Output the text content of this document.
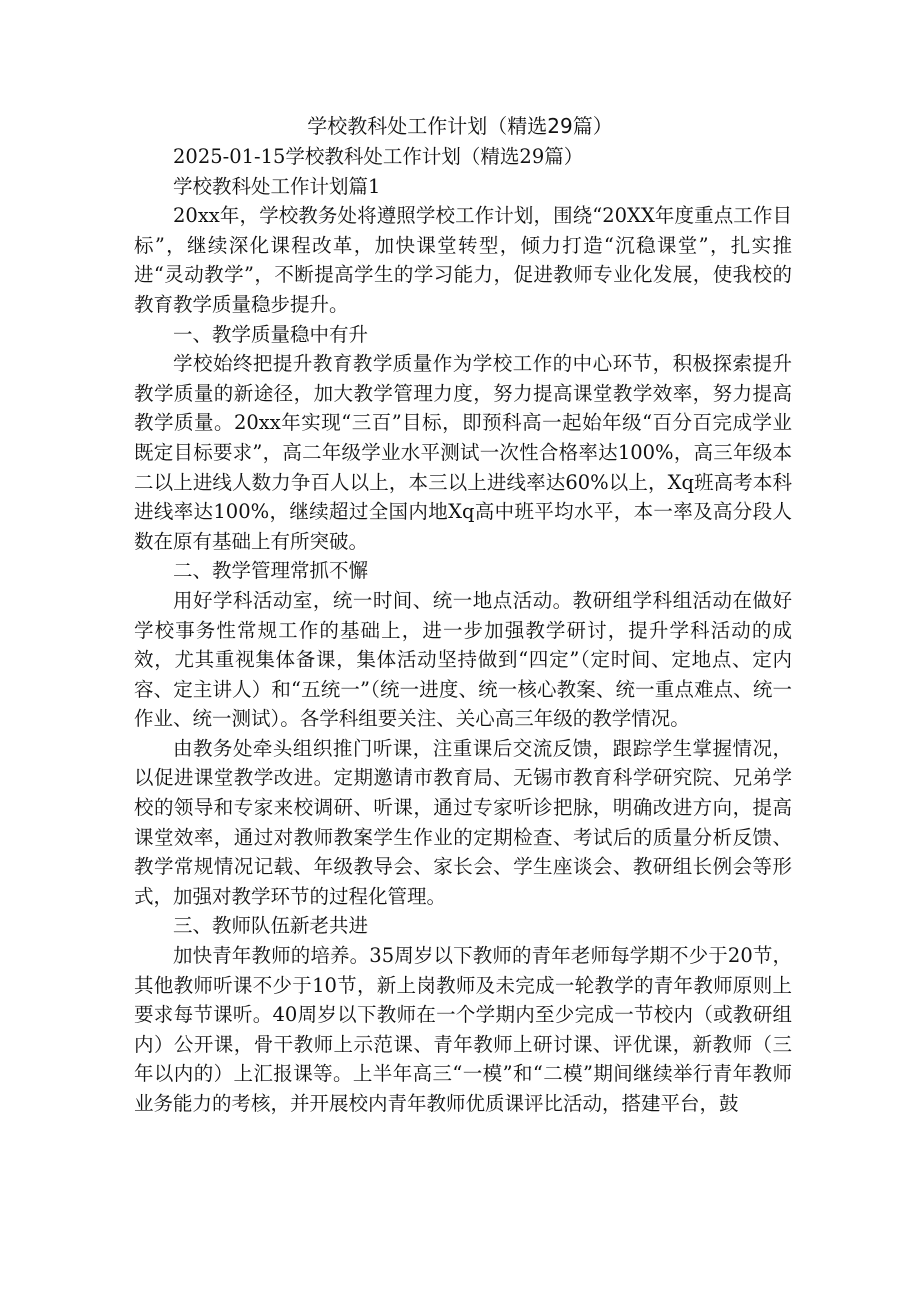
学校教科处工作计划（精选29篇）

2025-01-15学校教科处工作计划（精选29篇）

学校教科处工作计划篇1

20xx年，学校教务处将遵照学校工作计划，围绕“20XX年度重点工作目标”，继续深化课程改革，加快课堂转型，倾力打造“沉稳课堂”，扎实推进“灵动教学”，不断提高学生的学习能力，促进教师专业化发展，使我校的教育教学质量稳步提升。

一、教学质量稳中有升

学校始终把提升教育教学质量作为学校工作的中心环节，积极探索提升教学质量的新途径，加大教学管理力度，努力提高课堂教学效率，努力提高教学质量。20xx年实现“三百”目标，即预科高一起始年级“百分百完成学业既定目标要求”，高二年级学业水平测试一次性合格率达100%，高三年级本二以上进线人数力争百人以上，本三以上进线率达60%以上，Xq班高考本科进线率达100%，继续超过全国内地Xq高中班平均水平，本一率及高分段人数在原有基础上有所突破。

二、教学管理常抓不懈

用好学科活动室，统一时间、统一地点活动。教研组学科组活动在做好学校事务性常规工作的基础上，进一步加强教学研讨，提升学科活动的成效，尤其重视集体备课，集体活动坚持做到“四定”（定时间、定地点、定内容、定主讲人）和“五统一”（统一进度、统一核心教案、统一重点难点、统一作业、统一测试）。各学科组要关注、关心高三年级的教学情况。

由教务处牵头组织推门听课，注重课后交流反馈，跟踪学生掌握情况，以促进课堂教学改进。定期邀请市教育局、无锡市教育科学研究院、兄弟学校的领导和专家来校调研、听课，通过专家听诊把脉，明确改进方向，提高课堂效率，通过对教师教案学生作业的定期检查、考试后的质量分析反馈、教学常规情况记载、年级教导会、家长会、学生座谈会、教研组长例会等形式，加强对教学环节的过程化管理。

三、教师队伍新老共进

加快青年教师的培养。35周岁以下教师的青年老师每学期不少于20节，其他教师听课不少于10节，新上岗教师及未完成一轮教学的青年教师原则上要求每节课听。40周岁以下教师在一个学期内至少完成一节校内（或教研组内）公开课，骨干教师上示范课、青年教师上研讨课、评优课，新教师（三年以内的）上汇报课等。上半年高三“一模”和“二模”期间继续举行青年教师业务能力的考核，并开展校内青年教师优质课评比活动，搭建平台，鼓
